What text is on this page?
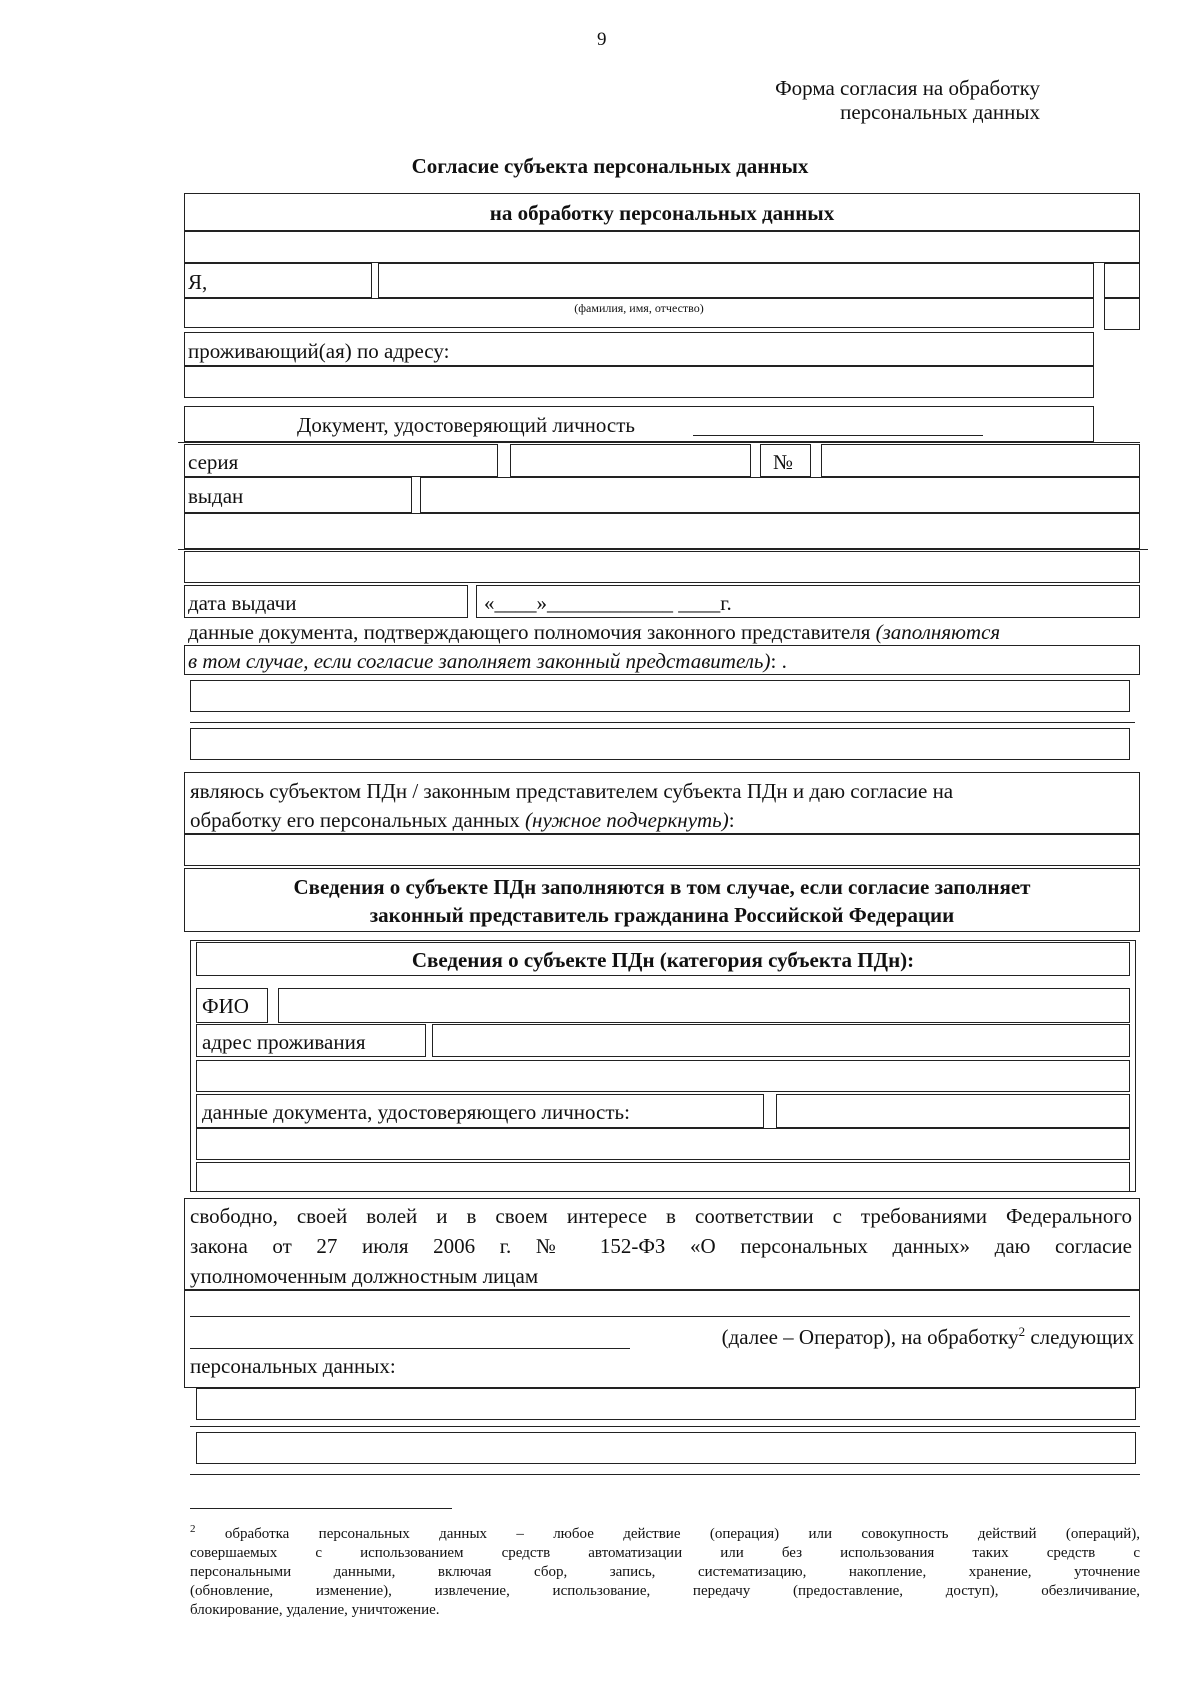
9
Форма согласия на обработку
персональных данных
Согласие субъекта персональных данных
на обработку персональных данных
Я,
(фамилия, имя, отчество)
проживающий(ая) по адресу:
Документ, удостоверяющий личность
серия	№
выдан
дата выдачи	«____»____________ ____г.
данные документа, подтверждающего полномочия законного представителя (заполняются
в том случае, если согласие заполняет законный представитель): .
являюсь субъектом ПДн / законным представителем субъекта ПДн и даю согласие на
обработку его персональных данных (нужное подчеркнуть):
Сведения о субъекте ПДн заполняются в том случае, если согласие заполняет
законный представитель гражданина Российской Федерации
Сведения о субъекте ПДн (категория субъекта ПДн):
ФИО
адрес проживания
данные документа, удостоверяющего личность:
свободно, своей волей и в своем интересе в соответствии с требованиями Федерального
закона от 27 июля 2006 г. № 152-ФЗ «О персональных данных» даю согласие
уполномоченным должностным лицам
(далее – Оператор), на обработку$^2$ следующих
персональных данных:
$^2$ обработка персональных данных – любое действие (операция) или совокупность действий (операций),
совершаемых с использованием средств автоматизации или без использования таких средств с
персональными данными, включая сбор, запись, систематизацию, накопление, хранение, уточнение
(обновление, изменение), извлечение, использование, передачу (предоставление, доступ), обезличивание,
блокирование, удаление, уничтожение.
